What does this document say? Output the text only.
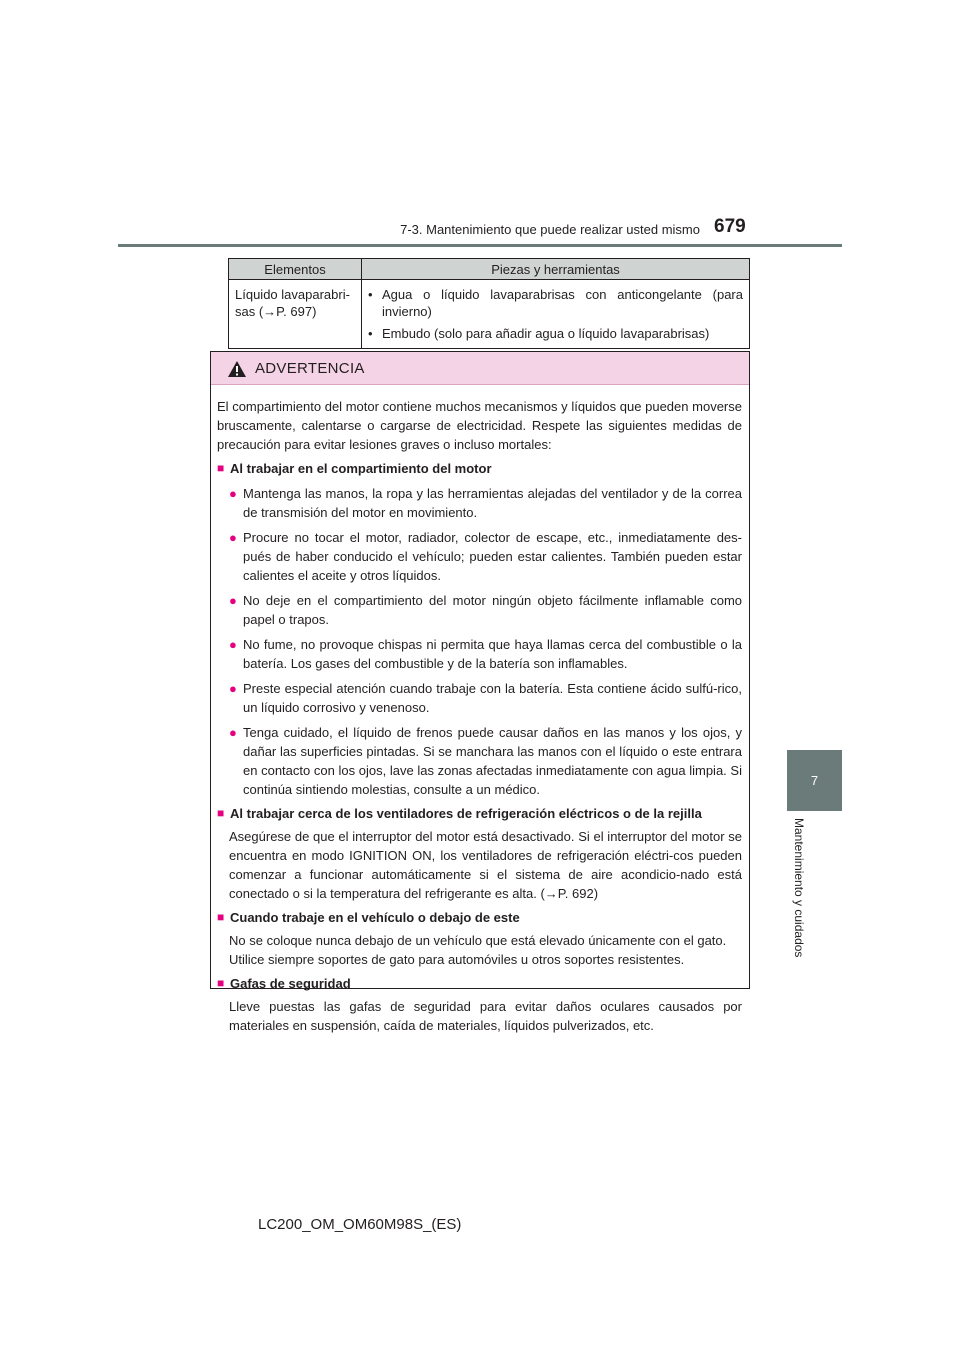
7-3. Mantenimiento que puede realizar usted mismo 679
7
Mantenimiento y cuidados
Elementos	Piezas y herramientas
Líquido lavaparabri-sas (→P. 697)	• Agua o líquido lavaparabrisas con anticongelante (para invierno)
• Embudo (solo para añadir agua o líquido lavaparabrisas)
ADVERTENCIA
El compartimiento del motor contiene muchos mecanismos y líquidos que pueden moverse bruscamente, calentarse o cargarse de electricidad. Respete las siguientes medidas de precaución para evitar lesiones graves o incluso mortales:
■ Al trabajar en el compartimiento del motor
● Mantenga las manos, la ropa y las herramientas alejadas del ventilador y de la correa de transmisión del motor en movimiento.
● Procure no tocar el motor, radiador, colector de escape, etc., inmediatamente des-pués de haber conducido el vehículo; pueden estar calientes. También pueden estar calientes el aceite y otros líquidos.
● No deje en el compartimiento del motor ningún objeto fácilmente inflamable como papel o trapos.
● No fume, no provoque chispas ni permita que haya llamas cerca del combustible o la batería. Los gases del combustible y de la batería son inflamables.
● Preste especial atención cuando trabaje con la batería. Esta contiene ácido sulfú-rico, un líquido corrosivo y venenoso.
● Tenga cuidado, el líquido de frenos puede causar daños en las manos y los ojos, y dañar las superficies pintadas. Si se manchara las manos con el líquido o este entrara en contacto con los ojos, lave las zonas afectadas inmediatamente con agua limpia. Si continúa sintiendo molestias, consulte a un médico.
■ Al trabajar cerca de los ventiladores de refrigeración eléctricos o de la rejilla
Asegúrese de que el interruptor del motor está desactivado. Si el interruptor del motor se encuentra en modo IGNITION ON, los ventiladores de refrigeración eléctri-cos pueden comenzar a funcionar automáticamente si el sistema de aire acondicio-nado está conectado o si la temperatura del refrigerante es alta. (→P. 692)
■ Cuando trabaje en el vehículo o debajo de este
No se coloque nunca debajo de un vehículo que está elevado únicamente con el gato.
Utilice siempre soportes de gato para automóviles u otros soportes resistentes.
■ Gafas de seguridad
Lleve puestas las gafas de seguridad para evitar daños oculares causados por materiales en suspensión, caída de materiales, líquidos pulverizados, etc.
LC200_OM_OM60M98S_(ES)
